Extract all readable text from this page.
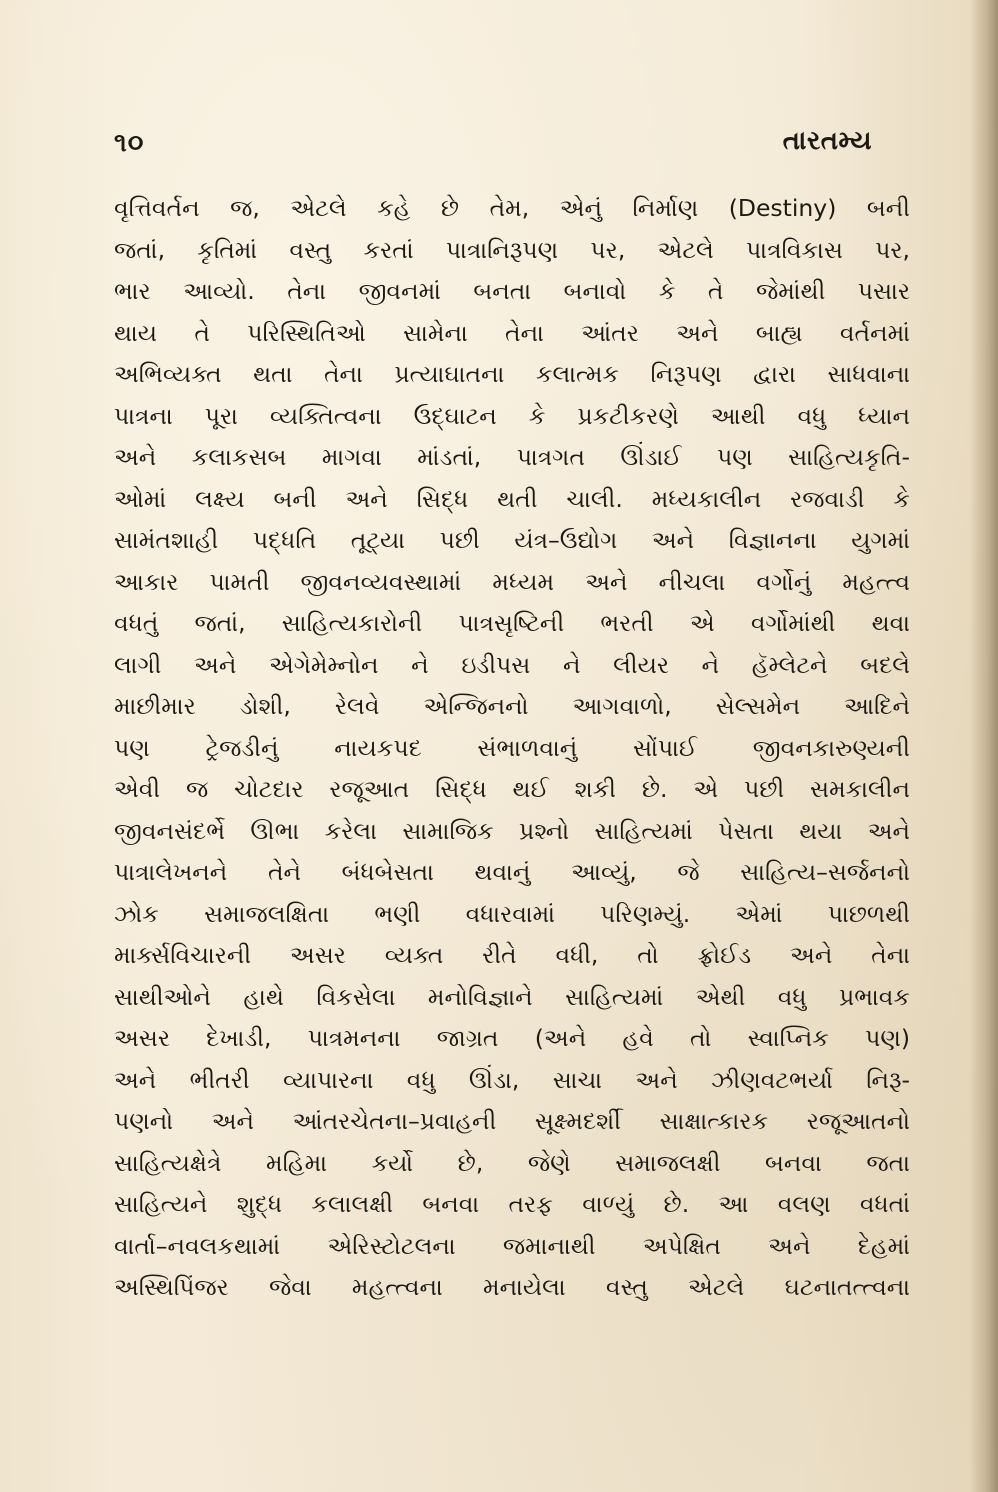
૧૦	તારતમ્ય
વૃત્તિવર્તન જ, એટલે કહે છે તેમ, એનું નિર્માણ (Destiny) બની
જતાં, કૃતિમાં વસ્તુ કરતાં પાત્રાનિરૂપણ પર, એટલે પાત્રવિકાસ પર,
ભાર આવ્યો. તેના જીવનમાં બનતા બનાવો કે તે જેમાંથી પસાર
થાય તે પરિસ્થિતિઓ સામેના તેના આંતર અને બાહ્ય વર્તનમાં
અભિવ્યક્ત થતા તેના પ્રત્યાઘાતના કલાત્મક નિરૂપણ દ્વારા સાધવાના
પાત્રના પૂરા વ્યક્તિત્વના ઉદ્‌ઘાટન કે પ્રકટીકરણે આથી વધુ ધ્યાન
અને કલાકસબ માગવા માંડતાં, પાત્રગત ઊંડાઈ પણ સાહિત્યકૃતિ-
ઓમાં લક્ષ્ય બની અને સિદ્ધ થતી ચાલી. મધ્યકાલીન રજવાડી કે
સામંતશાહી પદ્ધતિ તૂટ્યા પછી યંત્ર–ઉદ્યોગ અને વિજ્ઞાનના યુગમાં
આકાર પામતી જીવનવ્યવસ્થામાં મધ્યમ અને નીચલા વર્ગોનું મહત્ત્વ
વધતું જતાં, સાહિત્યકારોની પાત્રસૃષ્ટિની ભરતી એ વર્ગોમાંથી થવા
લાગી અને એગેમેમ્નોન ને ઇડીપસ ને લીયર ને હૅમ્લેટને બદલે
માછીમાર ડોશી, રેલવે એન્જિનનો આગવાળો, સેલ્સમેન આદિને
પણ ટ્રેજડીનું નાયકપદ સંભાળવાનું સોંપાઈ જીવનકારુણ્યની
એવી જ ચોટદાર રજૂઆત સિદ્ધ થઈ શકી છે. એ પછી સમકાલીન
જીવનસંદર્ભે ઊભા કરેલા સામાજિક પ્રશ્નો સાહિત્યમાં પેસતા થયા અને
પાત્રાલેખનને તેને બંધબેસતા થવાનું આવ્યું, જે સાહિત્ય–સર્જનનો
ઝોક સમાજલક્ષિતા ભણી વધારવામાં પરિણમ્યું. એમાં પાછળથી
માર્ક્સવિચારની અસર વ્યક્ત રીતે વધી, તો ફ્રોઈડ અને તેના
સાથીઓને હાથે વિકસેલા મનોવિજ્ઞાને સાહિત્યમાં એથી વધુ પ્રભાવક
અસર દેખાડી, પાત્રમનના જાગ્રત (અને હવે તો સ્વાપ્નિક પણ)
અને ભીતરી વ્યાપારના વધુ ઊંડા, સાચા અને ઝીણવટભર્યા નિરૂ-
પણનો અને આંતરચેતના–પ્રવાહની સૂક્ષ્મદર્શી સાક્ષાત્કારક રજૂઆતનો
સાહિત્યક્ષેત્રે મહિમા કર્યો છે, જેણે સમાજલક્ષી બનવા જતા
સાહિત્યને શુદ્ધ કલાલક્ષી બનવા તરફ વાળ્યું છે. આ વલણ વધતાં
વાર્તા–નવલકથામાં એરિસ્ટોટલના જમાનાથી અપેક્ષિત અને દેહમાં
અસ્થિપિંજર જેવા મહત્ત્વના મનાયેલા વસ્તુ એટલે ઘટનાતત્ત્વના
